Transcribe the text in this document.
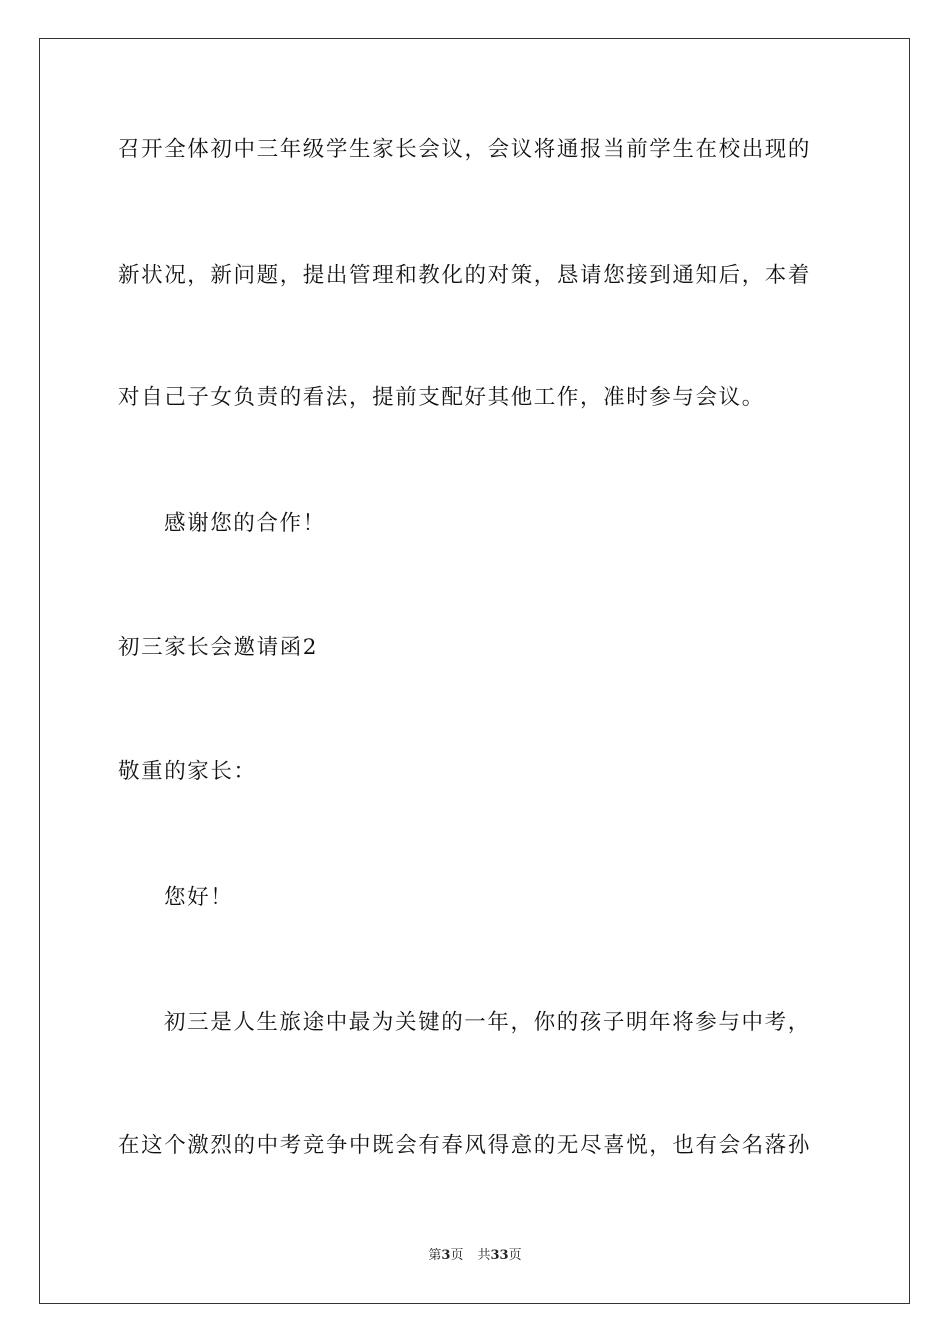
召开全体初中三年级学生家长会议，会议将通报当前学生在校出现的
新状况，新问题，提出管理和教化的对策，恳请您接到通知后，本着
对自己子女负责的看法，提前支配好其他工作，准时参与会议。
感谢您的合作！
初三家长会邀请函2
敬重的家长：
您好！
初三是人生旅途中最为关键的一年，你的孩子明年将参与中考，
在这个激烈的中考竞争中既会有春风得意的无尽喜悦，也有会名落孙
第3页 共33页
